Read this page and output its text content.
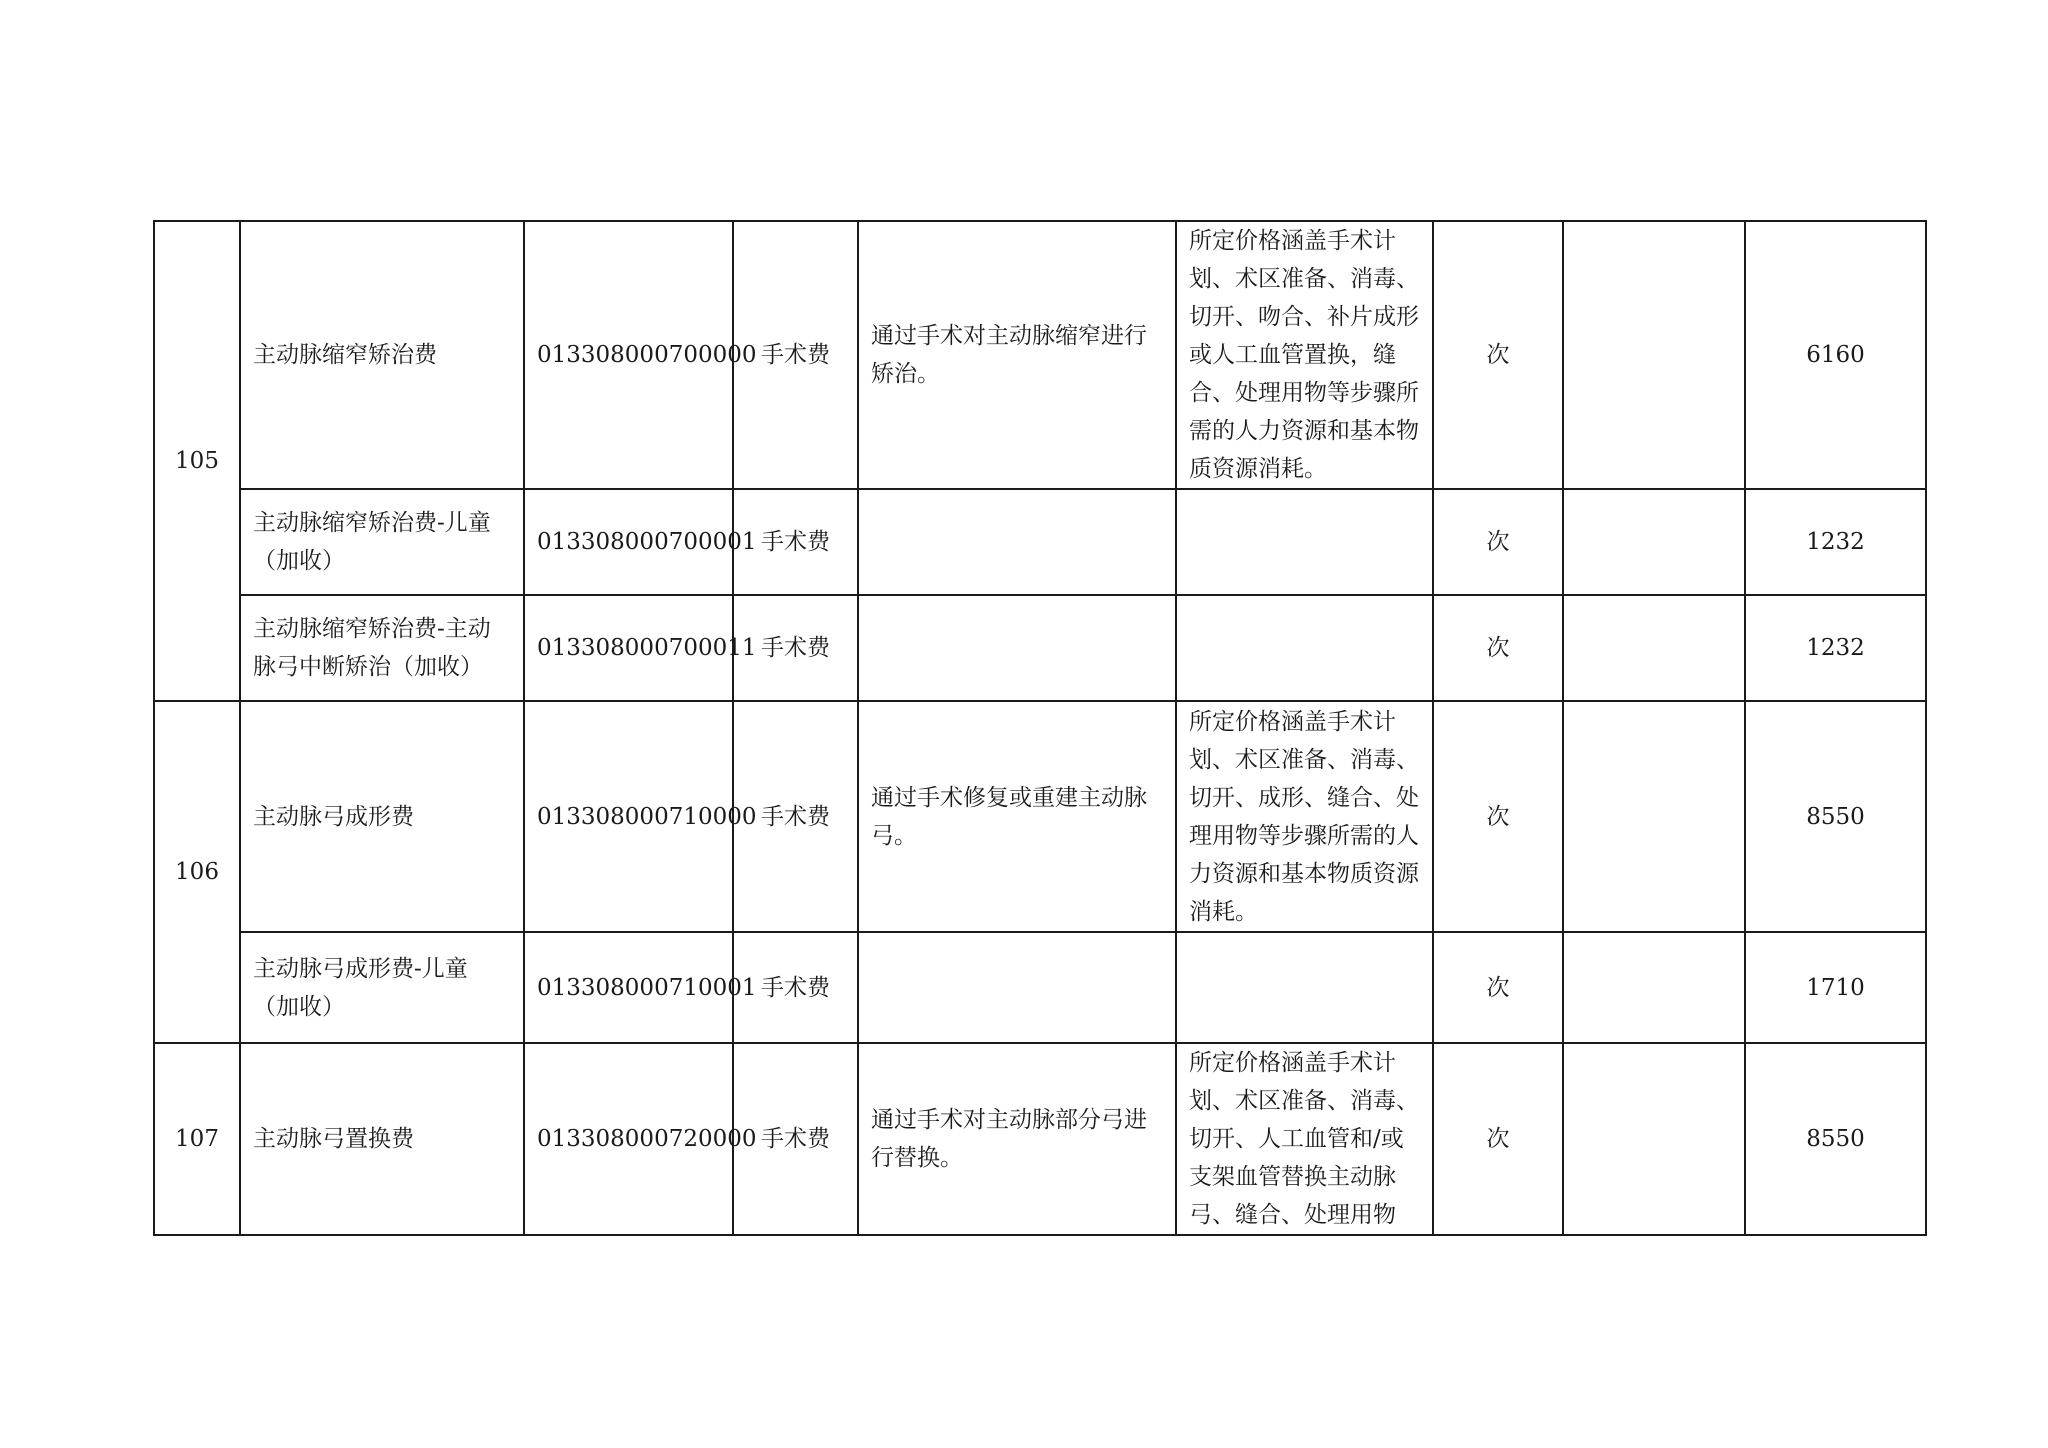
105	主动脉缩窄矫治费	013308000700000	手术费	通过手术对主动脉缩窄进行矫治。	所定价格涵盖手术计划、术区准备、消毒、切开、吻合、补片成形或人工血管置换，缝合、处理用物等步骤所需的人力资源和基本物质资源消耗。	次		6160
	主动脉缩窄矫治费-儿童（加收）	013308000700001	手术费			次		1232
	主动脉缩窄矫治费-主动脉弓中断矫治（加收）	013308000700011	手术费			次		1232
106	主动脉弓成形费	013308000710000	手术费	通过手术修复或重建主动脉弓。	所定价格涵盖手术计划、术区准备、消毒、切开、成形、缝合、处理用物等步骤所需的人力资源和基本物质资源消耗。	次		8550
	主动脉弓成形费-儿童（加收）	013308000710001	手术费			次		1710
107	主动脉弓置换费	013308000720000	手术费	通过手术对主动脉部分弓进行替换。	所定价格涵盖手术计划、术区准备、消毒、切开、人工血管和/或支架血管替换主动脉弓、缝合、处理用物	次		8550
